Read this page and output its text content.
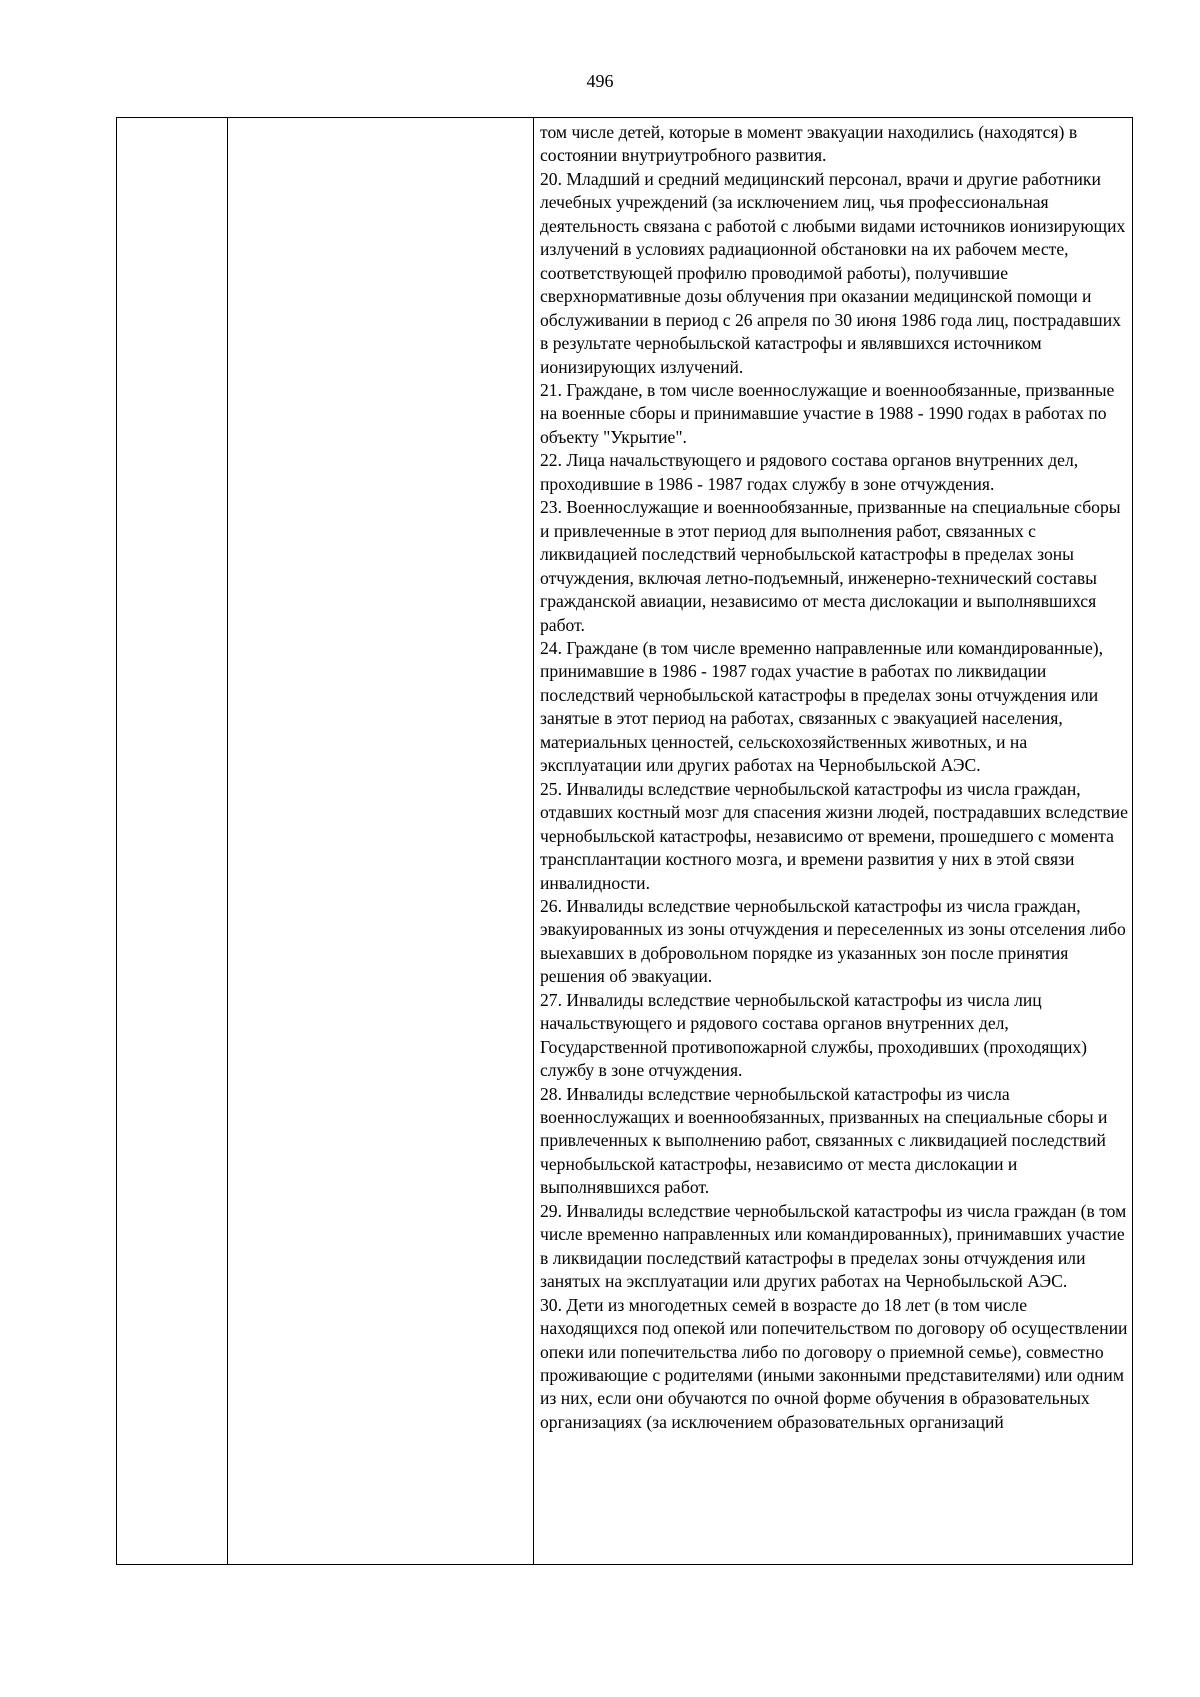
496

том числе детей, которые в момент эвакуации находились (находятся) в состоянии внутриутробного развития.

20. Младший и средний медицинский персонал, врачи и другие работники лечебных учреждений (за исключением лиц, чья профессиональная деятельность связана с работой с любыми видами источников ионизирующих излучений в условиях радиационной обстановки на их рабочем месте, соответствующей профилю проводимой работы), получившие сверхнормативные дозы облучения при оказании медицинской помощи и обслуживании в период с 26 апреля по 30 июня 1986 года лиц, пострадавших в результате чернобыльской катастрофы и являвшихся источником ионизирующих излучений.

21. Граждане, в том числе военнослужащие и военнообязанные, призванные на военные сборы и принимавшие участие в 1988 - 1990 годах в работах по объекту "Укрытие".

22. Лица начальствующего и рядового состава органов внутренних дел, проходившие в 1986 - 1987 годах службу в зоне отчуждения.

23. Военнослужащие и военнообязанные, призванные на специальные сборы и привлеченные в этот период для выполнения работ, связанных с ликвидацией последствий чернобыльской катастрофы в пределах зоны отчуждения, включая летно-подъемный, инженерно-технический составы гражданской авиации, независимо от места дислокации и выполнявшихся работ.

24. Граждане (в том числе временно направленные или командированные), принимавшие в 1986 - 1987 годах участие в работах по ликвидации последствий чернобыльской катастрофы в пределах зоны отчуждения или занятые в этот период на работах, связанных с эвакуацией населения, материальных ценностей, сельскохозяйственных животных, и на эксплуатации или других работах на Чернобыльской АЭС.

25. Инвалиды вследствие чернобыльской катастрофы из числа граждан, отдавших костный мозг для спасения жизни людей, пострадавших вследствие чернобыльской катастрофы, независимо от времени, прошедшего с момента трансплантации костного мозга, и времени развития у них в этой связи инвалидности.

26. Инвалиды вследствие чернобыльской катастрофы из числа граждан, эвакуированных из зоны отчуждения и переселенных из зоны отселения либо выехавших в добровольном порядке из указанных зон после принятия решения об эвакуации.

27. Инвалиды вследствие чернобыльской катастрофы из числа лиц начальствующего и рядового состава органов внутренних дел, Государственной противопожарной службы, проходивших (проходящих) службу в зоне отчуждения.

28. Инвалиды вследствие чернобыльской катастрофы из числа военнослужащих и военнообязанных, призванных на специальные сборы и привлеченных к выполнению работ, связанных с ликвидацией последствий чернобыльской катастрофы, независимо от места дислокации и выполнявшихся работ.

29. Инвалиды вследствие чернобыльской катастрофы из числа граждан (в том числе временно направленных или командированных), принимавших участие в ликвидации последствий катастрофы в пределах зоны отчуждения или занятых на эксплуатации или других работах на Чернобыльской АЭС.

30. Дети из многодетных семей в возрасте до 18 лет (в том числе находящихся под опекой или попечительством по договору об осуществлении опеки или попечительства либо по договору о приемной семье), совместно проживающие с родителями (иными законными представителями) или одним из них, если они обучаются по очной форме обучения в образовательных организациях (за исключением образовательных организаций
